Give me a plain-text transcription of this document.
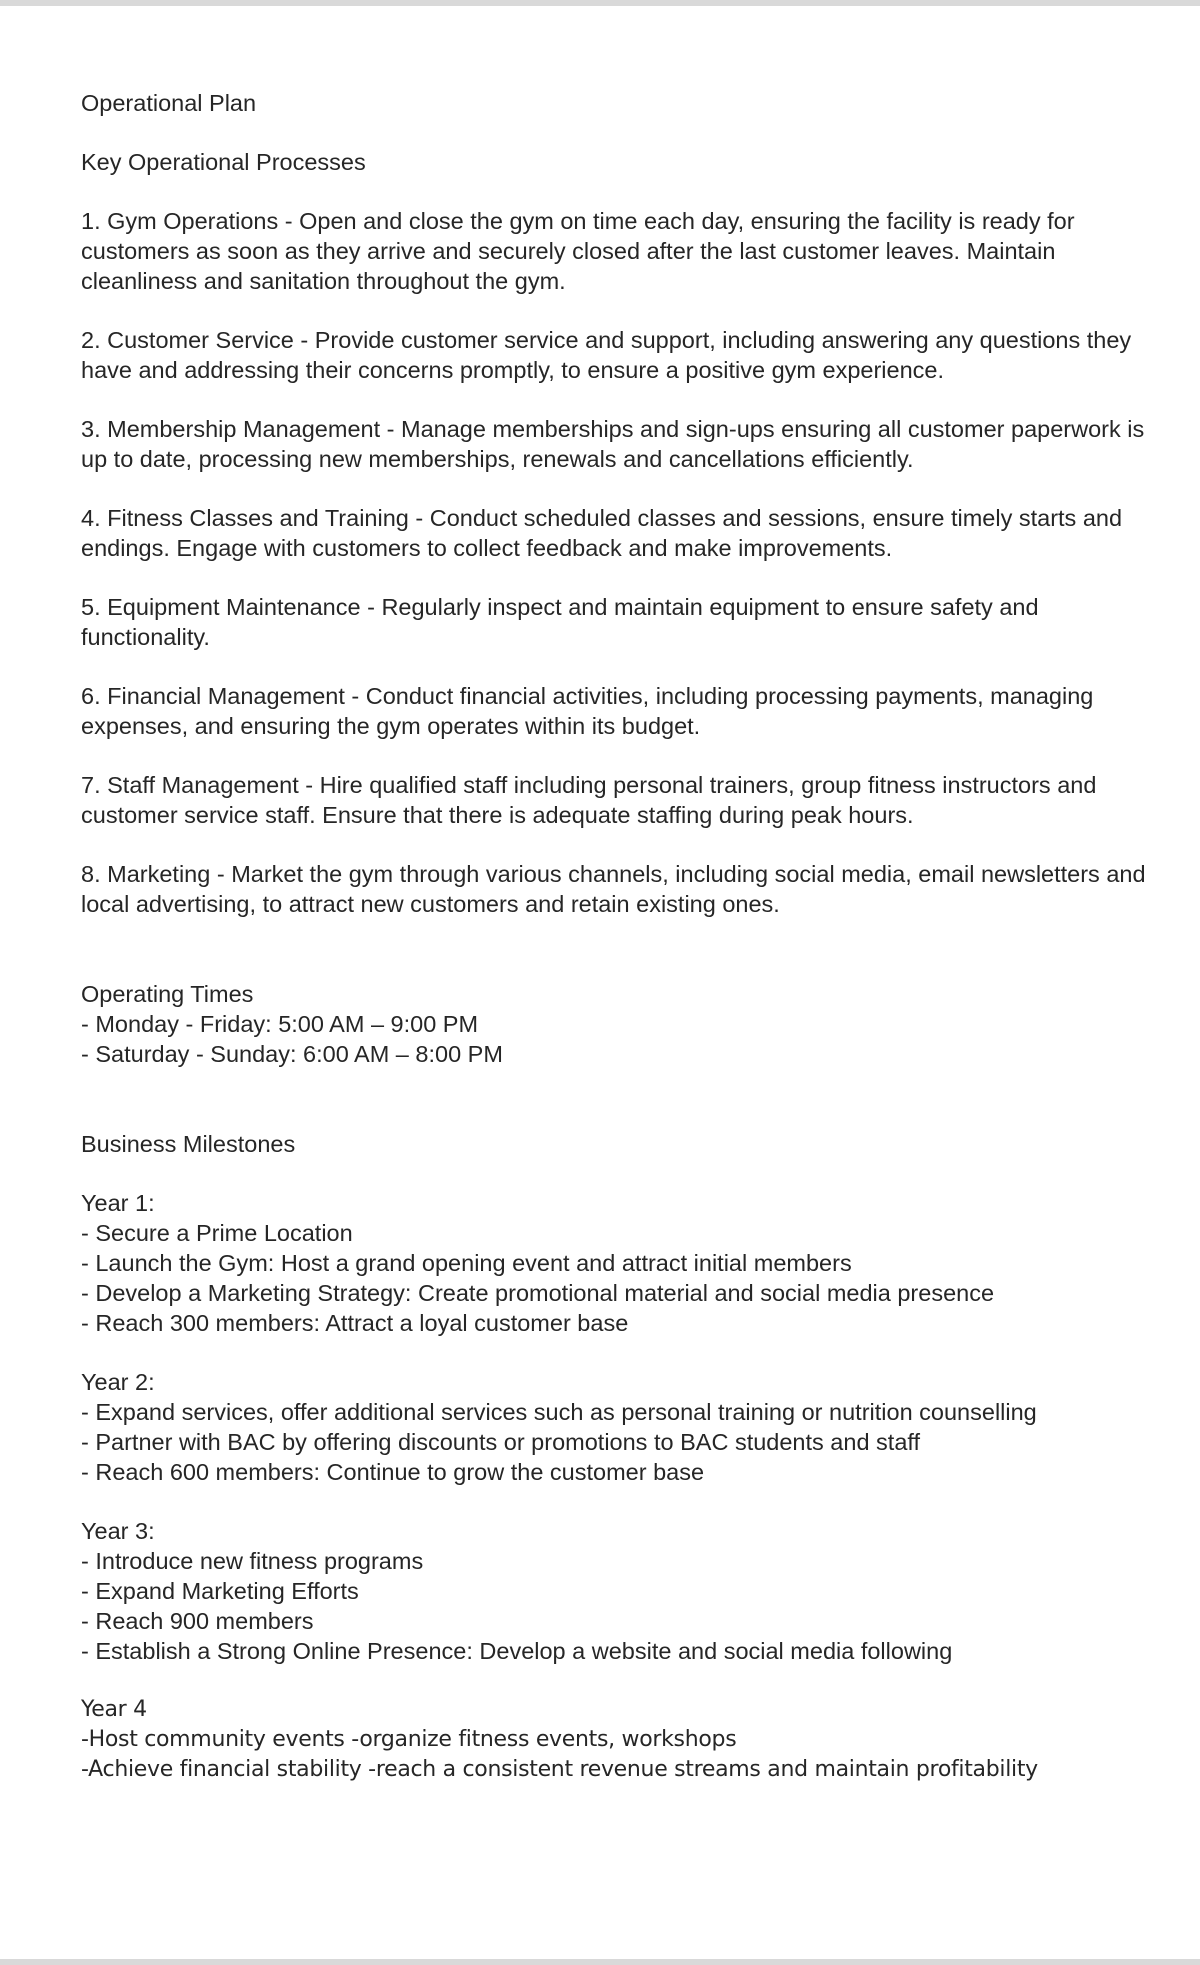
Operational Plan

Key Operational Processes

1. Gym Operations - Open and close the gym on time each day, ensuring the facility is ready for customers as soon as they arrive and securely closed after the last customer leaves. Maintain cleanliness and sanitation throughout the gym.

2. Customer Service - Provide customer service and support, including answering any questions they have and addressing their concerns promptly, to ensure a positive gym experience.

3. Membership Management - Manage memberships and sign-ups ensuring all customer paperwork is up to date, processing new memberships, renewals and cancellations efficiently.

4. Fitness Classes and Training - Conduct scheduled classes and sessions, ensure timely starts and endings. Engage with customers to collect feedback and make improvements.

5. Equipment Maintenance - Regularly inspect and maintain equipment to ensure safety and functionality.

6. Financial Management - Conduct financial activities, including processing payments, managing expenses, and ensuring the gym operates within its budget.

7. Staff Management - Hire qualified staff including personal trainers, group fitness instructors and customer service staff. Ensure that there is adequate staffing during peak hours.

8. Marketing - Market the gym through various channels, including social media, email newsletters and local advertising, to attract new customers and retain existing ones.

Operating Times
- Monday - Friday: 5:00 AM – 9:00 PM
- Saturday - Sunday: 6:00 AM – 8:00 PM

Business Milestones

Year 1:
- Secure a Prime Location
- Launch the Gym: Host a grand opening event and attract initial members
- Develop a Marketing Strategy: Create promotional material and social media presence
- Reach 300 members: Attract a loyal customer base
Year 2:
- Expand services, offer additional services such as personal training or nutrition counselling
- Partner with BAC by offering discounts or promotions to BAC students and staff
- Reach 600 members: Continue to grow the customer base
Year 3:
- Introduce new fitness programs
- Expand Marketing Efforts
- Reach 900 members
- Establish a Strong Online Presence: Develop a website and social media following
Year 4
-Host community events -organize fitness events, workshops
-Achieve financial stability -reach a consistent revenue streams and maintain profitability
